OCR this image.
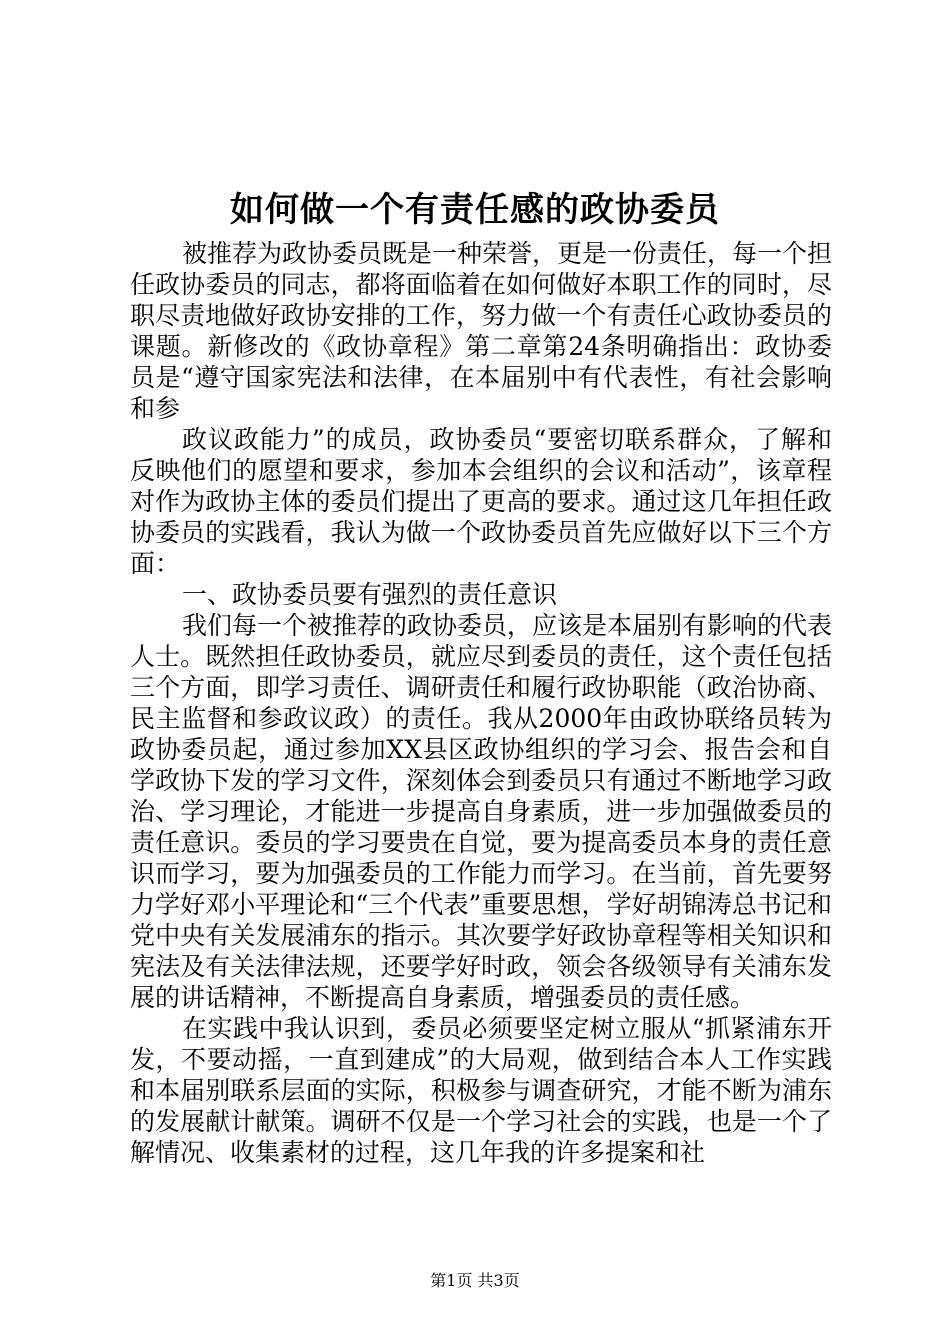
如何做一个有责任感的政协委员

被推荐为政协委员既是一种荣誉，更是一份责任，每一个担任政协委员的同志，都将面临着在如何做好本职工作的同时，尽职尽责地做好政协安排的工作，努力做一个有责任心政协委员的课题。新修改的《政协章程》第二章第24条明确指出：政协委员是“遵守国家宪法和法律，在本届别中有代表性，有社会影响和参

政议政能力”的成员，政协委员“要密切联系群众，了解和反映他们的愿望和要求，参加本会组织的会议和活动”，该章程对作为政协主体的委员们提出了更高的要求。通过这几年担任政协委员的实践看，我认为做一个政协委员首先应做好以下三个方面：

一、政协委员要有强烈的责任意识

我们每一个被推荐的政协委员，应该是本届别有影响的代表人士。既然担任政协委员，就应尽到委员的责任，这个责任包括三个方面，即学习责任、调研责任和履行政协职能（政治协商、民主监督和参政议政）的责任。我从2000年由政协联络员转为政协委员起，通过参加XX县区政协组织的学习会、报告会和自学政协下发的学习文件，深刻体会到委员只有通过不断地学习政治、学习理论，才能进一步提高自身素质，进一步加强做委员的责任意识。委员的学习要贵在自觉，要为提高委员本身的责任意识而学习，要为加强委员的工作能力而学习。在当前，首先要努力学好邓小平理论和“三个代表”重要思想，学好胡锦涛总书记和党中央有关发展浦东的指示。其次要学好政协章程等相关知识和宪法及有关法律法规，还要学好时政，领会各级领导有关浦东发展的讲话精神，不断提高自身素质，增强委员的责任感。

在实践中我认识到，委员必须要坚定树立服从“抓紧浦东开发，不要动摇，一直到建成”的大局观，做到结合本人工作实践和本届别联系层面的实际，积极参与调查研究，才能不断为浦东的发展献计献策。调研不仅是一个学习社会的实践，也是一个了解情况、收集素材的过程，这几年我的许多提案和社

第1页 共3页
